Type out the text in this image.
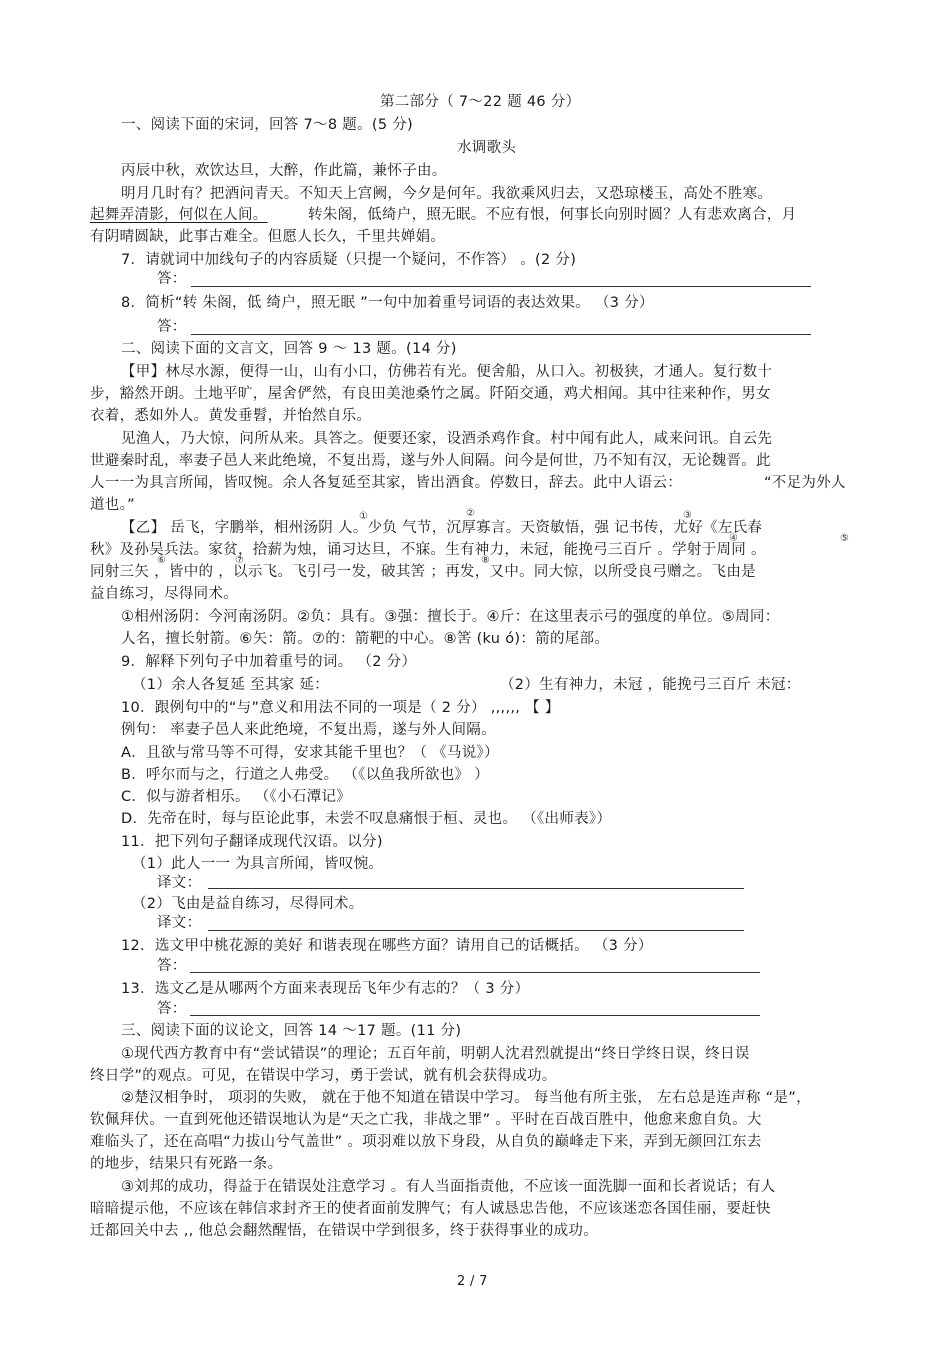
第二部分（ 7～22 题 46 分）
一、阅读下面的宋词，回答 7～8 题。(5 分)
水调歌头
丙辰中秋，欢饮达旦，大醉，作此篇，兼怀子由。
明月几时有？把酒问青天。不知天上宫阙，今夕是何年。我欲乘风归去，又恐琼楼玉，高处不胜寒。
起舞弄清影，何似在人间。	转朱阁，低绮户，照无眠。不应有恨，何事长向别时圆？人有悲欢离合，月
有阴晴圆缺，此事古难全。但愿人长久，千里共婵娟。
7．请就词中加线句子的内容质疑（只提一个疑问，不作答） 。(2 分)
答：
8．简析“转 朱阁，低 绮户，照无眠 ”一句中加着重号词语的表达效果。 （3 分）
答：
二、阅读下面的文言文，回答 9 ～ 13 题。(14 分)
【甲】林尽水源，便得一山，山有小口，仿佛若有光。便舍船，从口入。初极狭，才通人。复行数十
步，豁然开朗。土地平旷，屋舍俨然，有良田美池桑竹之属。阡陌交通，鸡犬相闻。其中往来种作，男女
衣着，悉如外人。黄发垂髫，并怡然自乐。
见渔人，乃大惊，问所从来。具答之。便要还家，设酒杀鸡作食。村中闻有此人，咸来问讯。自云先
世避秦时乱，率妻子邑人来此绝境，不复出焉，遂与外人间隔。问今是何世，乃不知有汉，无论魏晋。此
人一一为具言所闻，皆叹惋。余人各复延至其家，皆出酒食。停数日，辞去。此中人语云：	“不足为外人
道也。”
【乙】 岳飞，字鹏举，相州汤阴 人。少负 气节，沉厚寡言。天资敏悟，强 记书传，尤好《左氏春
秋》及孙吴兵法。家贫，拾薪为烛，诵习达旦，不寐。生有神力，未冠，能挽弓三百斤 。学射于周同 。
同射三矢 ，皆中的 ，以示飞。飞引弓一发，破其筈 ；再发，又中。同大惊，以所受良弓赠之。飞由是
益自练习，尽得同术。
①	②	③
④	⑤
⑥	⑦	⑧
①相州汤阴：今河南汤阴。②负：具有。③强：擅长于。④斤：在这里表示弓的强度的单位。⑤周同：
人名，擅长射箭。⑥矢：箭。⑦的：箭靶的中心。⑧筈 (ku ó)：箭的尾部。
9．解释下列句子中加着重号的词。 （2 分）
（1）余人各复延 至其家 延：	（2）生有神力，未冠 ，能挽弓三百斤 未冠：
10．跟例句中的“与”意义和用法不同的一项是（ 2 分） ,,,,,, 【 】
例句： 率妻子邑人来此绝境，不复出焉，遂与外人间隔。
A．且欲与常马等不可得，安求其能千里也？（ 《马说》）
B．呼尔而与之，行道之人弗受。 （《以鱼我所欲也》 ）
C．似与游者相乐。 （《小石潭记》
D．先帝在时，每与臣论此事，未尝不叹息痛恨于桓、灵也。 （《出师表》）
11．把下列句子翻译成现代汉语。以分)
（1）此人一一 为具言所闻，皆叹惋。
译文：
（2）飞由是益自练习，尽得同术。
译文：
12．选文甲中桃花源的美好 和谐表现在哪些方面？请用自己的话概括。 （3 分）
答：
13．选文乙是从哪两个方面来表现岳飞年少有志的？（ 3 分）
答：
三、阅读下面的议论文，回答 14 ～17 题。(11 分)
①现代西方教育中有“尝试错误”的理论；五百年前，明朝人沈君烈就提出“终日学终日误，终日误
终日学”的观点。可见，在错误中学习，勇于尝试，就有机会获得成功。
②楚汉相争时， 项羽的失败， 就在于他不知道在错误中学习。 每当他有所主张， 左右总是连声称 “是”，
钦佩拜伏。一直到死他还错误地认为是“天之亡我，非战之罪” 。平时在百战百胜中，他愈来愈自负。大
难临头了，还在高唱“力拔山兮气盖世” 。项羽难以放下身段，从自负的巅峰走下来，弄到无颜回江东去
的地步，结果只有死路一条。
③刘邦的成功，得益于在错误处注意学习 。有人当面指责他，不应该一面洗脚一面和长者说话；有人
暗暗提示他，不应该在韩信求封齐王的使者面前发脾气；有人诚恳忠告他，不应该迷恋各国佳丽，要赶快
迁都回关中去 ,, 他总会翻然醒悟，在错误中学到很多，终于获得事业的成功。
2 / 7
